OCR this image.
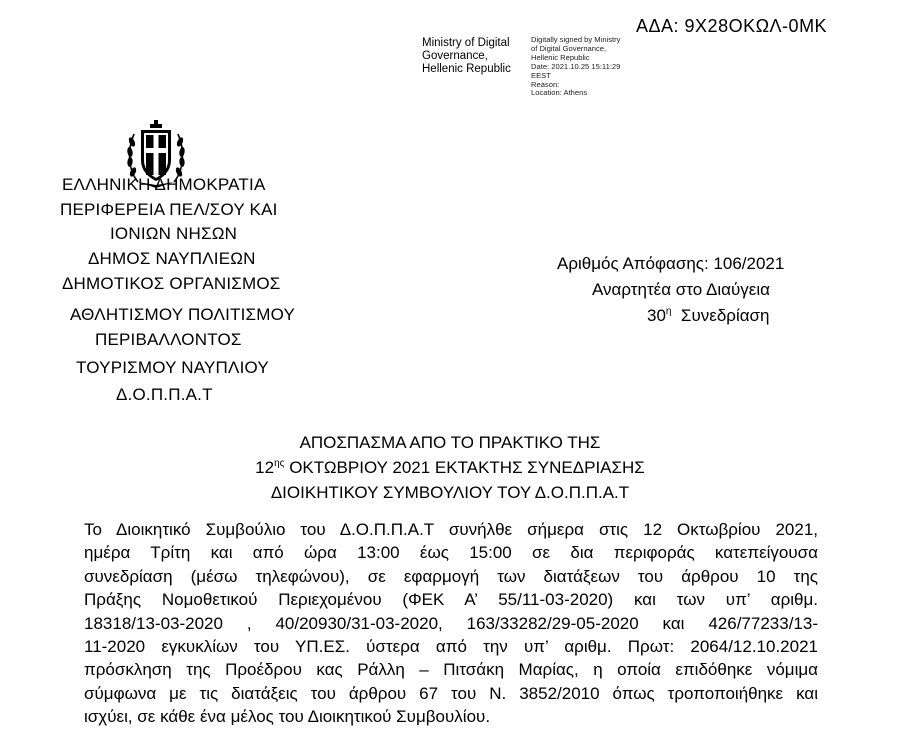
ΑΔΑ: 9Χ28ΟΚΩΛ-0ΜΚ
Ministry of Digital
Governance,
Hellenic Republic
Digitally signed by Ministry
of Digital Governance,
Hellenic Republic
Date: 2021.10.25 15:11:29
EEST
Reason:
Location: Athens
ΕΛΛΗΝΙΚΗ ΔΗΜΟΚΡΑΤΙΑ
ΠΕΡΙΦΕΡΕΙΑ ΠΕΛ/ΣΟΥ ΚΑΙ
ΙΟΝΙΩΝ ΝΗΣΩΝ
ΔΗΜΟΣ ΝΑΥΠΛΙΕΩΝ
ΔΗΜΟΤΙΚΟΣ ΟΡΓΑΝΙΣΜΟΣ
ΑΘΛΗΤΙΣΜΟΥ ΠΟΛΙΤΙΣΜΟΥ
ΠΕΡΙΒΑΛΛΟΝΤΟΣ
ΤΟΥΡΙΣΜΟΥ ΝΑΥΠΛΙΟΥ
Δ.Ο.Π.Π.Α.Τ
Αριθμός Απόφασης: 106/2021
Αναρτητέα στο Διαύγεια
$30^\eta$  Συνεδρίαση
ΑΠΟΣΠΑΣΜΑ ΑΠΟ ΤΟ ΠΡΑΚΤΙΚΟ ΤΗΣ
$12^{\eta\varsigma}$ ΟΚΤΩΒΡΙΟΥ 2021 ΕΚΤΑΚΤΗΣ ΣΥΝΕΔΡΙΑΣΗΣ
ΔΙΟΙΚΗΤΙΚΟΥ ΣΥΜΒΟΥΛΙΟΥ ΤΟΥ Δ.Ο.Π.Π.Α.Τ
Το Διοικητικό Συμβούλιο του Δ.Ο.Π.Π.Α.Τ συνήλθε σήμερα στις 12 Οκτωβρίου 2021,
ημέρα Τρίτη και από ώρα 13:00 έως 15:00 σε δια περιφοράς κατεπείγουσα
συνεδρίαση (μέσω τηλεφώνου), σε εφαρμογή των διατάξεων του άρθρου 10 της
Πράξης Νομοθετικού Περιεχομένου (ΦΕΚ Α’ 55/11-03-2020) και των υπ’ αριθμ.
18318/13-03-2020 , 40/20930/31-03-2020, 163/33282/29-05-2020 και 426/77233/13-
11-2020 εγκυκλίων του ΥΠ.ΕΣ. ύστερα από την υπ’ αριθμ. Πρωτ: 2064/12.10.2021
πρόσκληση της Προέδρου κας Ράλλη – Πιτσάκη Μαρίας, η οποία επιδόθηκε νόμιμα
σύμφωνα με τις διατάξεις του άρθρου 67 του Ν. 3852/2010 όπως τροποποιήθηκε και
ισχύει, σε κάθε ένα μέλος του Διοικητικού Συμβουλίου.
